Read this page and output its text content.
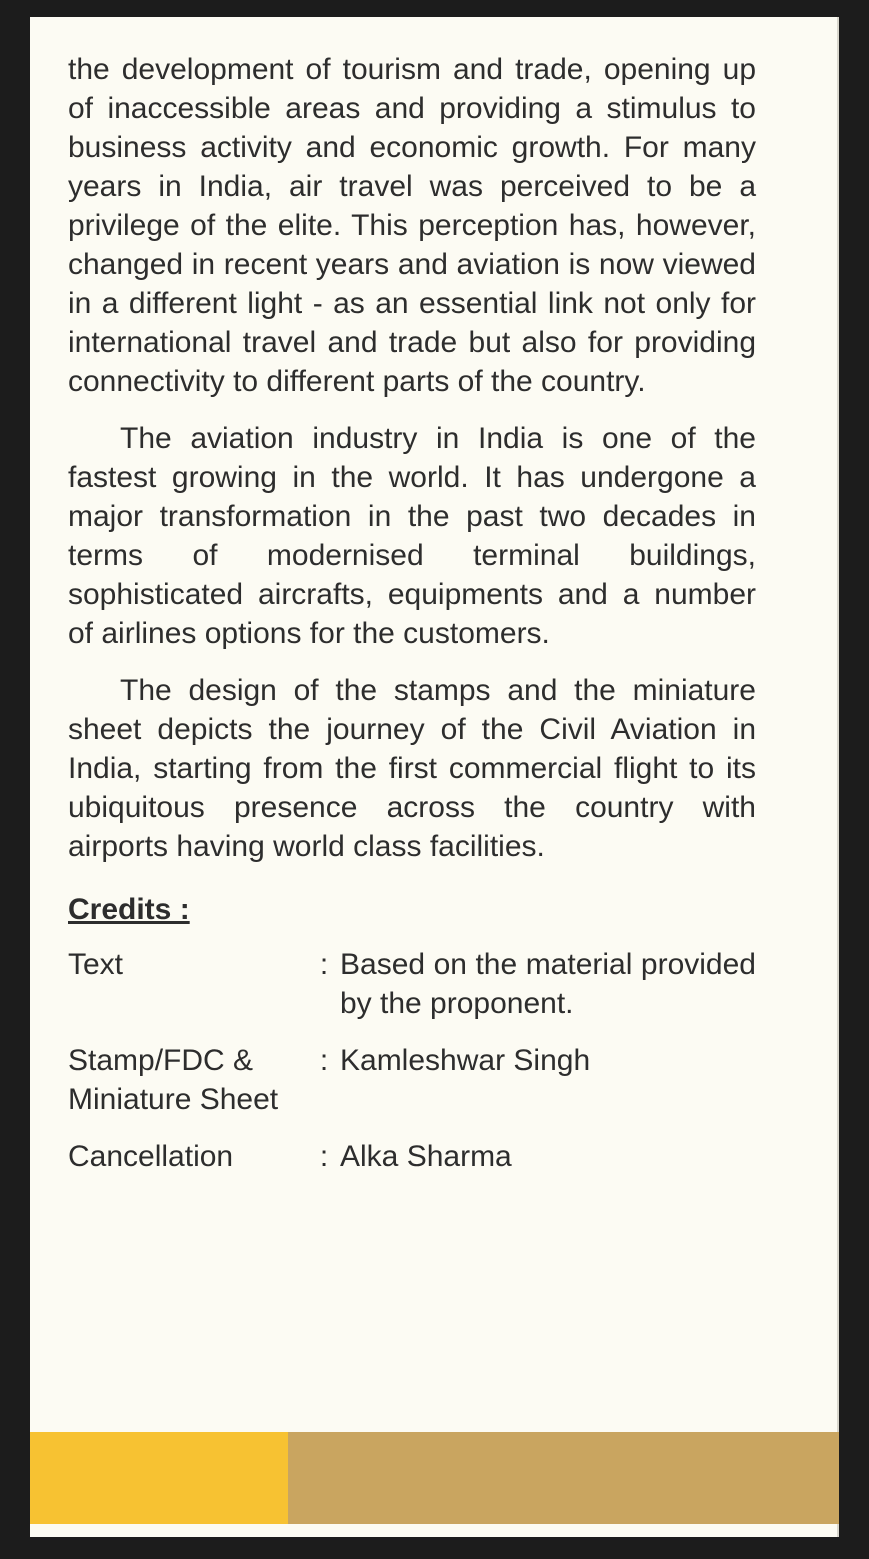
the development of tourism and trade, opening up of inaccessible areas and providing a stimulus to business activity and economic growth. For many years in India, air travel was perceived to be a privilege of the elite. This perception has, however, changed in recent years and aviation is now viewed in a different light - as an essential link not only for international travel and trade but also for providing connectivity to different parts of the country.

The aviation industry in India is one of the fastest growing in the world. It has undergone a major transformation in the past two decades in terms of modernised terminal buildings, sophisticated aircrafts, equipments and a number of airlines options for the customers.

The design of the stamps and the miniature sheet depicts the journey of the Civil Aviation in India, starting from the first commercial flight to its ubiquitous presence across the country with airports having world class facilities.

Credits :
Text	: Based on the material provided by the proponent.
Stamp/FDC &
Miniature Sheet
: Kamleshwar Singh
Cancellation	: Alka Sharma
